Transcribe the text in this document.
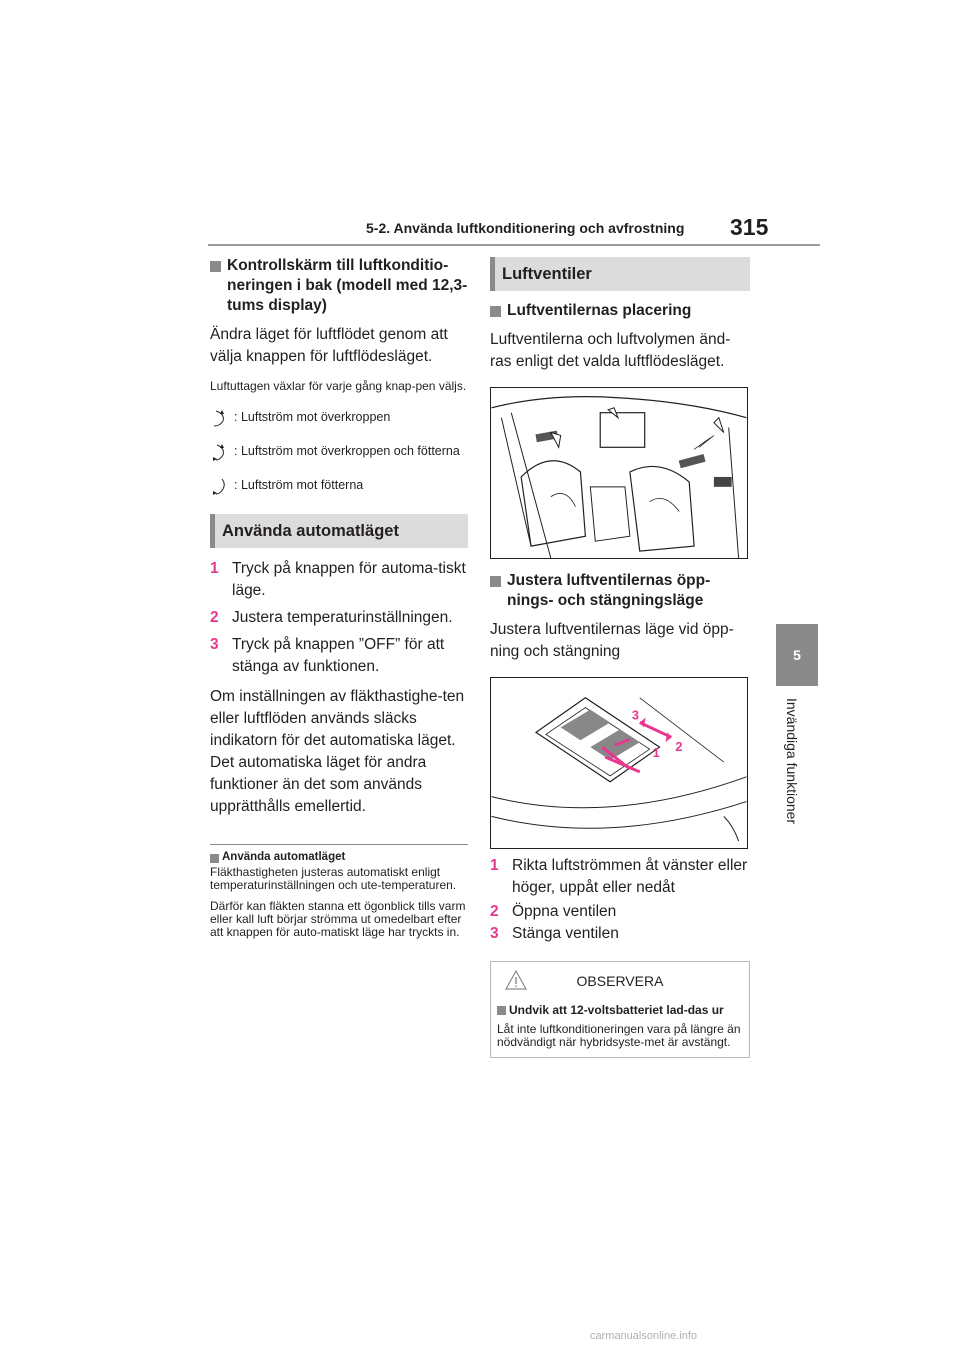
5-2. Använda luftkonditionering och avfrostning 315
5
Invändiga funktioner
Kontrollskärm till luftkonditio-neringen i bak (modell med 12,3-tums display)
Ändra läget för luftflödet genom att välja knappen för luftflödesläget.
Luftuttagen växlar för varje gång knap-pen väljs.
: Luftström mot överkroppen
: Luftström mot överkroppen och fötterna
: Luftström mot fötterna
Använda automatläget
1 Tryck på knappen för automa-tiskt läge.
2 Justera temperaturinställningen.
3 Tryck på knappen ”OFF” för att stänga av funktionen.
Om inställningen av fläkthastighe-ten eller luftflöden används släcks indikatorn för det automatiska läget. Det automatiska läget för andra funktioner än det som används upprätthålls emellertid.
Använda automatläget
Fläkthastigheten justeras automatiskt enligt temperaturinställningen och ute-temperaturen.
Därför kan fläkten stanna ett ögonblick tills varm eller kall luft börjar strömma ut omedelbart efter att knappen för auto-matiskt läge har tryckts in.
Luftventiler
Luftventilernas placering
Luftventilerna och luftvolymen änd-ras enligt det valda luftflödesläget.
Justera luftventilernas öpp-nings- och stängningsläge
Justera luftventilernas läge vid öpp-ning och stängning
3
1 2
1 Rikta luftströmmen åt vänster eller höger, uppåt eller nedåt
2 Öppna ventilen
3 Stänga ventilen
OBSERVERA
Undvik att 12-voltsbatteriet lad-das ur
Låt inte luftkonditioneringen vara på längre än nödvändigt när hybridsyste-met är avstängt.
carmanualsonline.info
